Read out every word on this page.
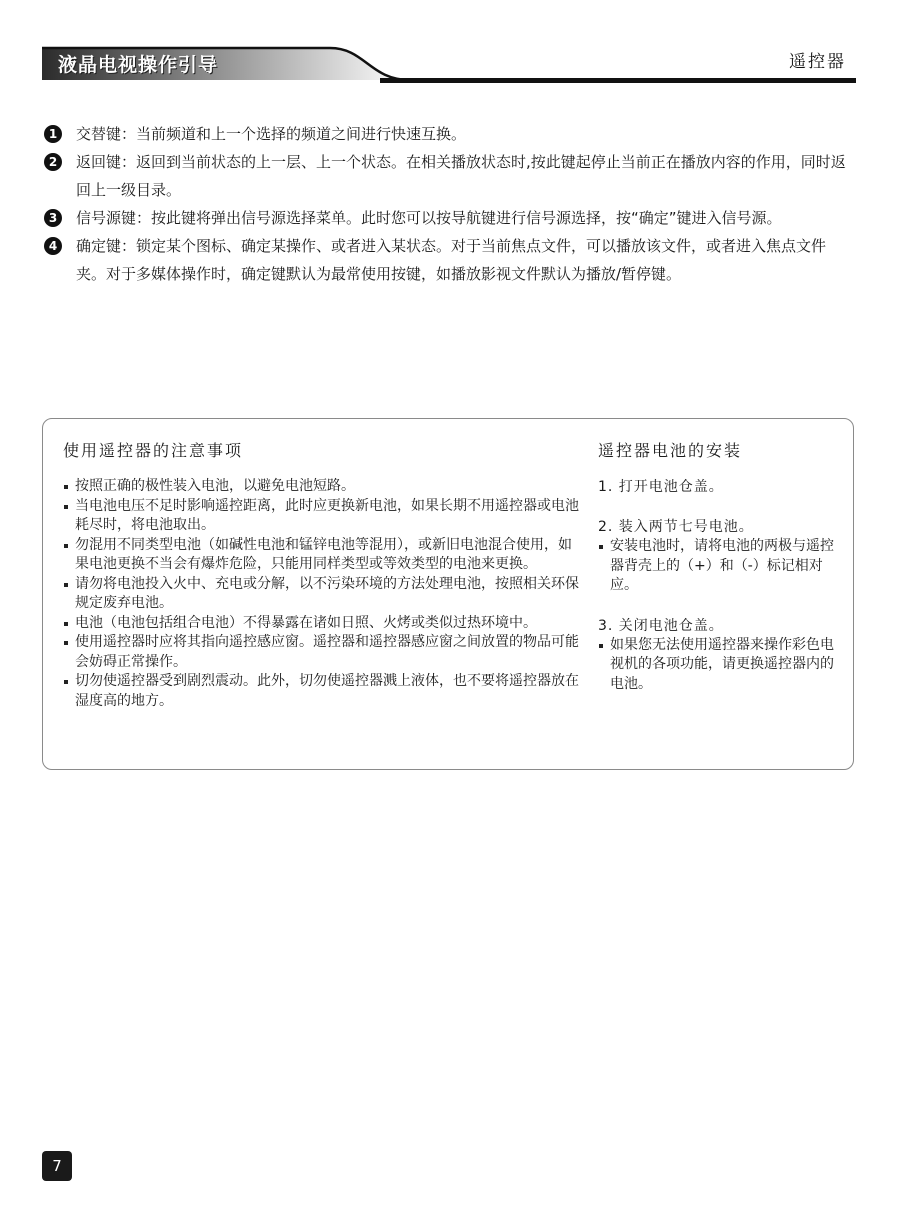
液晶电视操作引导	遥控器
1	交替键：当前频道和上一个选择的频道之间进行快速互换。
2	返回键：返回到当前状态的上一层、上一个状态。在相关播放状态时,按此键起停止当前正在播放内容的作用，同时返回上一级目录。
3	信号源键：按此键将弹出信号源选择菜单。此时您可以按导航键进行信号源选择，按“确定”键进入信号源。
4	确定键：锁定某个图标、确定某操作、或者进入某状态。对于当前焦点文件，可以播放该文件，或者进入焦点文件夹。对于多媒体操作时，确定键默认为最常使用按键，如播放影视文件默认为播放/暂停键。
使用遥控器的注意事项
按照正确的极性装入电池，以避免电池短路。
当电池电压不足时影响遥控距离，此时应更换新电池，如果长期不用遥控器或电池耗尽时，将电池取出。
勿混用不同类型电池（如碱性电池和锰锌电池等混用），或新旧电池混合使用，如果电池更换不当会有爆炸危险，只能用同样类型或等效类型的电池来更换。
请勿将电池投入火中、充电或分解，以不污染环境的方法处理电池，按照相关环保规定废弃电池。
电池（电池包括组合电池）不得暴露在诸如日照、火烤或类似过热环境中。
使用遥控器时应将其指向遥控感应窗。遥控器和遥控器感应窗之间放置的物品可能会妨碍正常操作。
切勿使遥控器受到剧烈震动。此外，切勿使遥控器溅上液体，也不要将遥控器放在湿度高的地方。
遥控器电池的安装
1. 打开电池仓盖。
2. 装入两节七号电池。
安装电池时，请将电池的两极与遥控器背壳上的（+）和（-）标记相对应。
3. 关闭电池仓盖。
如果您无法使用遥控器来操作彩色电视机的各项功能，请更换遥控器内的电池。
7
